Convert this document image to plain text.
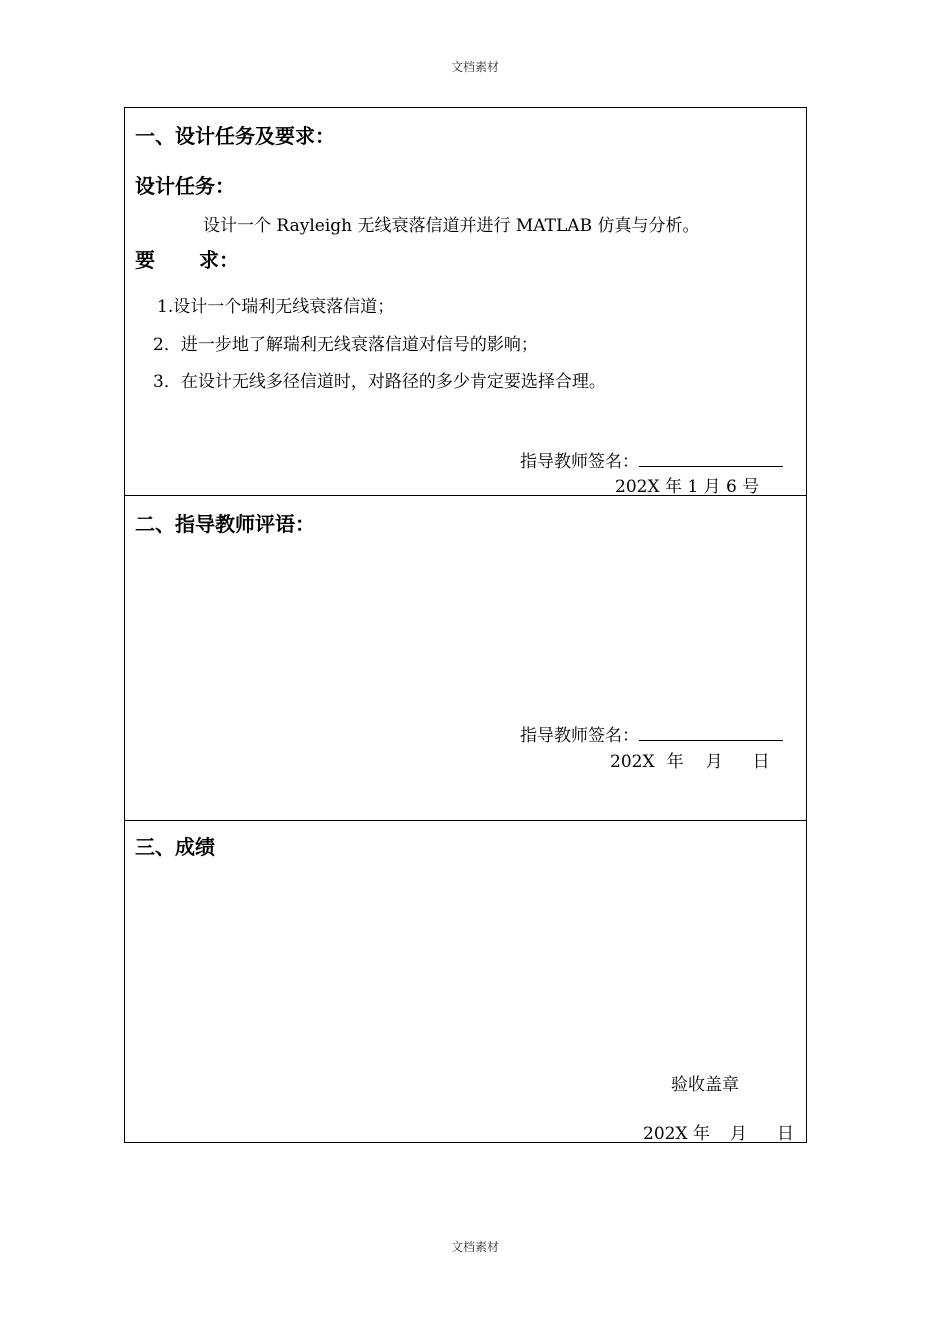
文档素材
一、设计任务及要求：
设计任务：
设计一个 Rayleigh 无线衰落信道并进行 MATLAB 仿真与分析。
要 求：
1.设计一个瑞利无线衰落信道；
2．进一步地了解瑞利无线衰落信道对信号的影响；
3．在设计无线多径信道时，对路径的多少肯定要选择合理。
指导教师签名：
202X 年 1 月 6 号
二、指导教师评语：
指导教师签名：
202X 年 月 日
三、成绩
验收盖章
202X 年 月 日
文档素材
